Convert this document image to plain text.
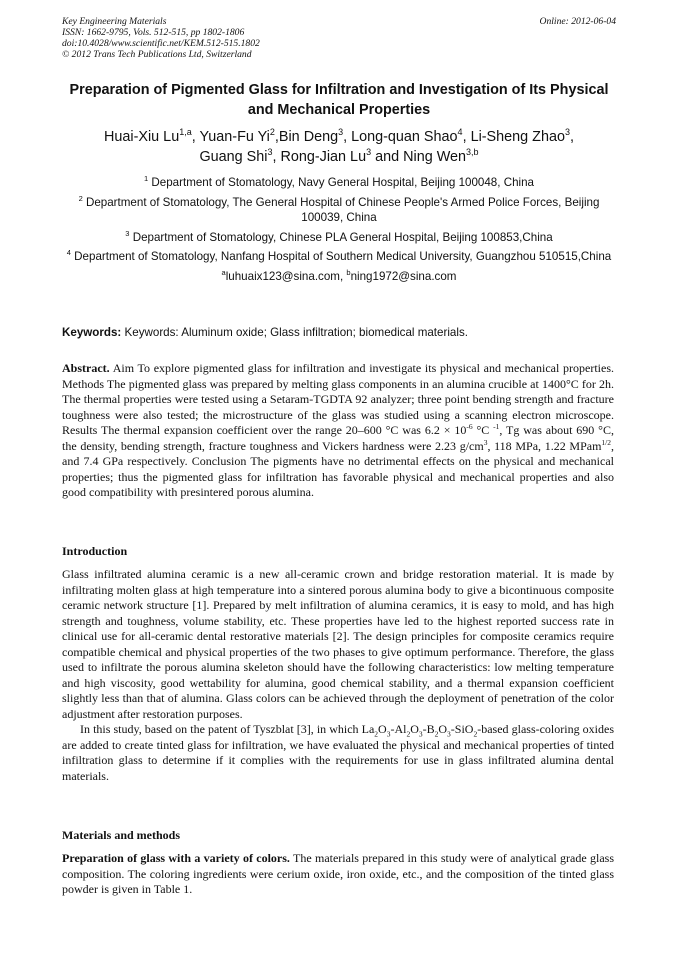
Key Engineering Materials
ISSN: 1662-9795, Vols. 512-515, pp 1802-1806
doi:10.4028/www.scientific.net/KEM.512-515.1802
© 2012 Trans Tech Publications Ltd, Switzerland
Online: 2012-06-04
Preparation of Pigmented Glass for Infiltration and Investigation of Its Physical and Mechanical Properties
Huai-Xiu Lu$^{1,a}$, Yuan-Fu Yi$^2$,Bin Deng$^3$, Long-quan Shao$^4$, Li-Sheng Zhao$^3$,
Guang Shi$^3$, Rong-Jian Lu$^3$ and Ning Wen$^{3,b}$
$^1$ Department of Stomatology, Navy General Hospital, Beijing 100048, China
$^2$ Department of Stomatology, The General Hospital of Chinese People's Armed Police Forces, Beijing 100039, China
$^3$ Department of Stomatology, Chinese PLA General Hospital, Beijing 100853,China
$^4$ Department of Stomatology, Nanfang Hospital of Southern Medical University, Guangzhou 510515,China
$^a$luhuaix123@sina.com, $^b$ning1972@sina.com
Keywords: Keywords: Aluminum oxide; Glass infiltration; biomedical materials.

Abstract. Aim To explore pigmented glass for infiltration and investigate its physical and mechanical properties. Methods The pigmented glass was prepared by melting glass components in an alumina crucible at 1400°C for 2h. The thermal properties were tested using a Setaram-TGDTA 92 analyzer; three point bending strength and fracture toughness were also tested; the microstructure of the glass was studied using a scanning electron microscope. Results The thermal expansion coefficient over the range 20–600 °C was $6.2 \times 10^{-6}$ °C $^{-1}$, Tg was about 690 °C, the density, bending strength, fracture toughness and Vickers hardness were 2.23 $g/cm^3$, 118 MPa, 1.22 MPam$^{1/2}$, and 7.4 GPa respectively. Conclusion The pigments have no detrimental effects on the physical and mechanical properties; thus the pigmented glass for infiltration has favorable physical and mechanical properties and also good compatibility with presintered porous alumina.

Introduction

Glass infiltrated alumina ceramic is a new all-ceramic crown and bridge restoration material. It is made by infiltrating molten glass at high temperature into a sintered porous alumina body to give a bicontinuous composite ceramic network structure [1]. Prepared by melt infiltration of alumina ceramics, it is easy to mold, and has high strength and toughness, volume stability, etc. These properties have led to the highest reported success rate in clinical use for all-ceramic dental restorative materials [2]. The design principles for composite ceramics require compatible chemical and physical properties of the two phases to give optimum performance. Therefore, the glass used to infiltrate the porous alumina skeleton should have the following characteristics: low melting temperature and high viscosity, good wettability for alumina, good chemical stability, and a thermal expansion coefficient slightly less than that of alumina. Glass colors can be achieved through the deployment of penetration of the color adjustment after restoration purposes.

In this study, based on the patent of Tyszblat [3], in which $La_2O_3-Al_2O_3-B_2O_3-SiO_2$-based glass-coloring oxides are added to create tinted glass for infiltration, we have evaluated the physical and mechanical properties of tinted infiltration glass to determine if it complies with the requirements for use in glass infiltrated alumina dental materials.

Materials and methods

Preparation of glass with a variety of colors. The materials prepared in this study were of analytical grade glass composition. The coloring ingredients were cerium oxide, iron oxide, etc., and the composition of the tinted glass powder is given in Table 1.
